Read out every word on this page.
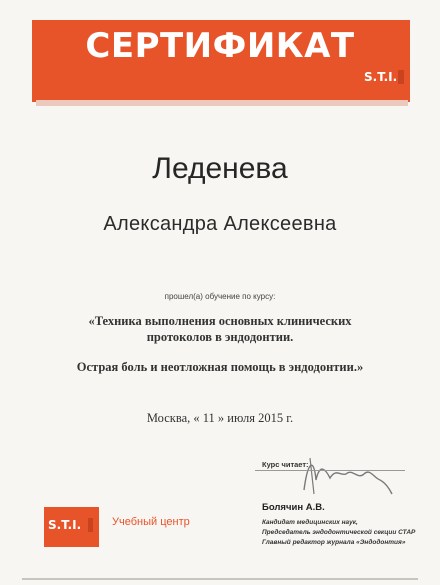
СЕРТИФИКАТ
S.T.I.
Леденева
Александра Алексеевна
прошел(а) обучение по курсу:
«Техника выполнения основных клинических
протоколов в эндодонтии.
Острая боль и неотложная помощь в эндодонтии.»
Москва, « 11 » июля 2015 г.
Курс читает:
Болячин А.В.
Кандидат медицинских наук,
Председатель эндодонтической секции СТАР
Главный редактор журнала «Эндодонтия»
S.T.I.	Учебный центр
